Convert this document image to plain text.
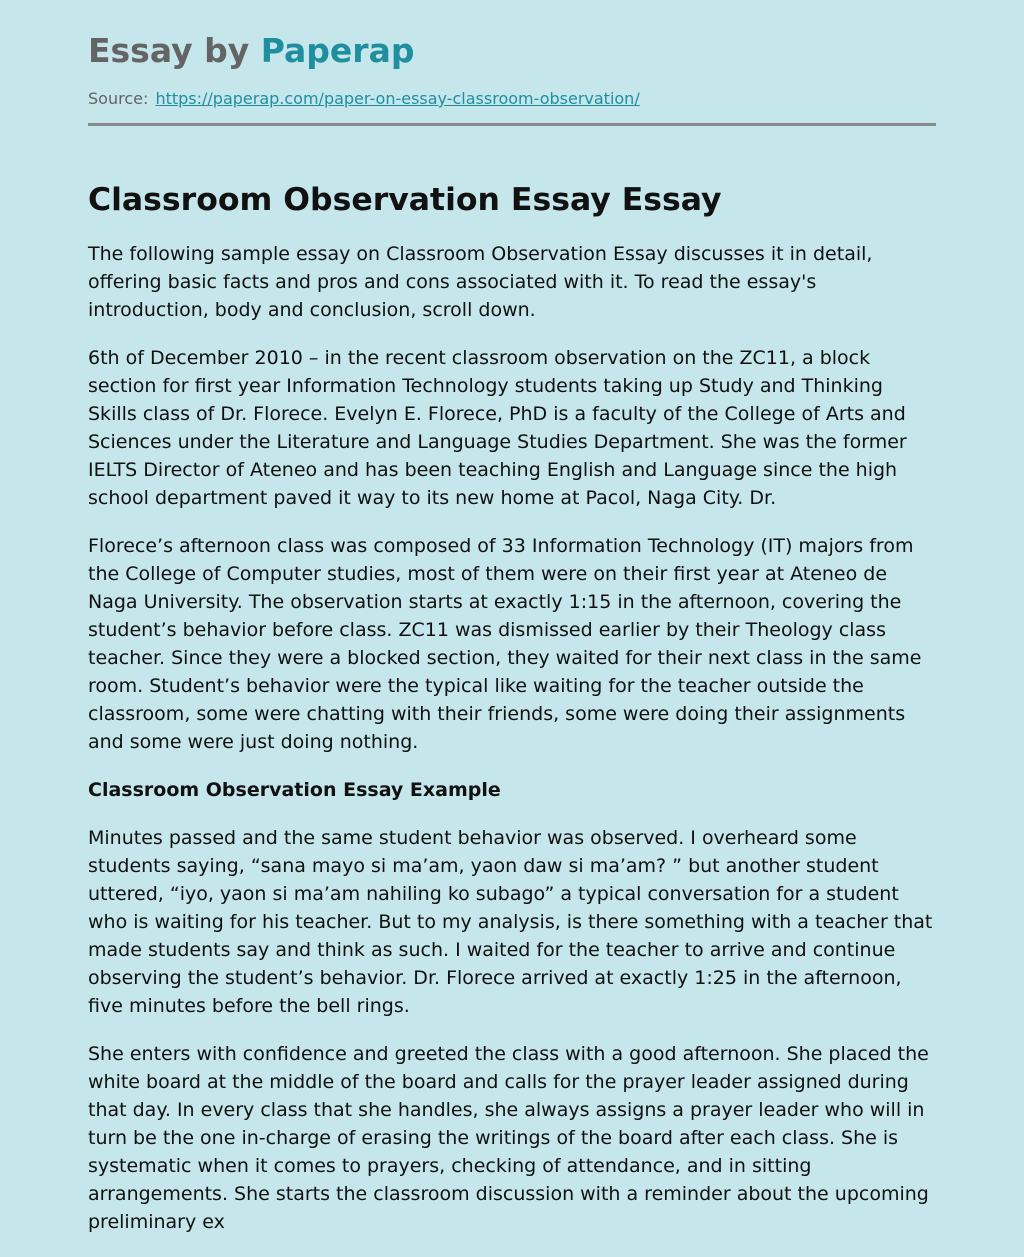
Essay by Paperap
Source: https://paperap.com/paper-on-essay-classroom-observation/
Classroom Observation Essay Essay

The following sample essay on Classroom Observation Essay discusses it in detail, offering basic facts and pros and cons associated with it. To read the essay's introduction, body and conclusion, scroll down.

6th of December 2010 – in the recent classroom observation on the ZC11, a block section for first year Information Technology students taking up Study and Thinking Skills class of Dr. Florece. Evelyn E. Florece, PhD is a faculty of the College of Arts and Sciences under the Literature and Language Studies Department. She was the former IELTS Director of Ateneo and has been teaching English and Language since the high school department paved it way to its new home at Pacol, Naga City. Dr.

Florece’s afternoon class was composed of 33 Information Technology (IT) majors from the College of Computer studies, most of them were on their first year at Ateneo de Naga University. The observation starts at exactly 1:15 in the afternoon, covering the student’s behavior before class. ZC11 was dismissed earlier by their Theology class teacher. Since they were a blocked section, they waited for their next class in the same room. Student’s behavior were the typical like waiting for the teacher outside the classroom, some were chatting with their friends, some were doing their assignments and some were just doing nothing.

Classroom Observation Essay Example

Minutes passed and the same student behavior was observed. I overheard some students saying, “sana mayo si ma’am, yaon daw si ma’am? ” but another student uttered, “iyo, yaon si ma’am nahiling ko subago” a typical conversation for a student who is waiting for his teacher. But to my analysis, is there something with a teacher that made students say and think as such. I waited for the teacher to arrive and continue observing the student’s behavior. Dr. Florece arrived at exactly 1:25 in the afternoon, five minutes before the bell rings.

She enters with confidence and greeted the class with a good afternoon. She placed the white board at the middle of the board and calls for the prayer leader assigned during that day. In every class that she handles, she always assigns a prayer leader who will in turn be the one in-charge of erasing the writings of the board after each class. She is systematic when it comes to prayers, checking of attendance, and in sitting arrangements. She starts the classroom discussion with a reminder about the upcoming preliminary ex
